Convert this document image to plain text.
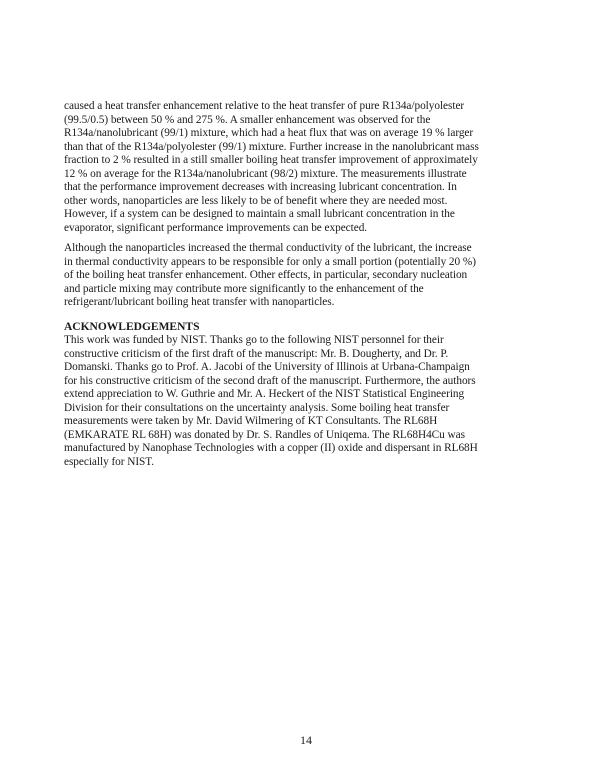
caused a heat transfer enhancement relative to the heat transfer of pure R134a/polyolester
(99.5/0.5) between 50 % and 275 %. A smaller enhancement was observed for the
R134a/nanolubricant (99/1) mixture, which had a heat flux that was on average 19 % larger
than that of the R134a/polyolester (99/1) mixture. Further increase in the nanolubricant mass
fraction to 2 % resulted in a still smaller boiling heat transfer improvement of approximately
12 % on average for the R134a/nanolubricant (98/2) mixture. The measurements illustrate
that the performance improvement decreases with increasing lubricant concentration. In
other words, nanoparticles are less likely to be of benefit where they are needed most.
However, if a system can be designed to maintain a small lubricant concentration in the
evaporator, significant performance improvements can be expected.
Although the nanoparticles increased the thermal conductivity of the lubricant, the increase
in thermal conductivity appears to be responsible for only a small portion (potentially 20 %)
of the boiling heat transfer enhancement. Other effects, in particular, secondary nucleation
and particle mixing may contribute more significantly to the enhancement of the
refrigerant/lubricant boiling heat transfer with nanoparticles.
ACKNOWLEDGEMENTS
This work was funded by NIST. Thanks go to the following NIST personnel for their
constructive criticism of the first draft of the manuscript: Mr. B. Dougherty, and Dr. P.
Domanski. Thanks go to Prof. A. Jacobi of the University of Illinois at Urbana-Champaign
for his constructive criticism of the second draft of the manuscript. Furthermore, the authors
extend appreciation to W. Guthrie and Mr. A. Heckert of the NIST Statistical Engineering
Division for their consultations on the uncertainty analysis. Some boiling heat transfer
measurements were taken by Mr. David Wilmering of KT Consultants. The RL68H
(EMKARATE RL 68H) was donated by Dr. S. Randles of Uniqema. The RL68H4Cu was
manufactured by Nanophase Technologies with a copper (II) oxide and dispersant in RL68H
especially for NIST.
14
